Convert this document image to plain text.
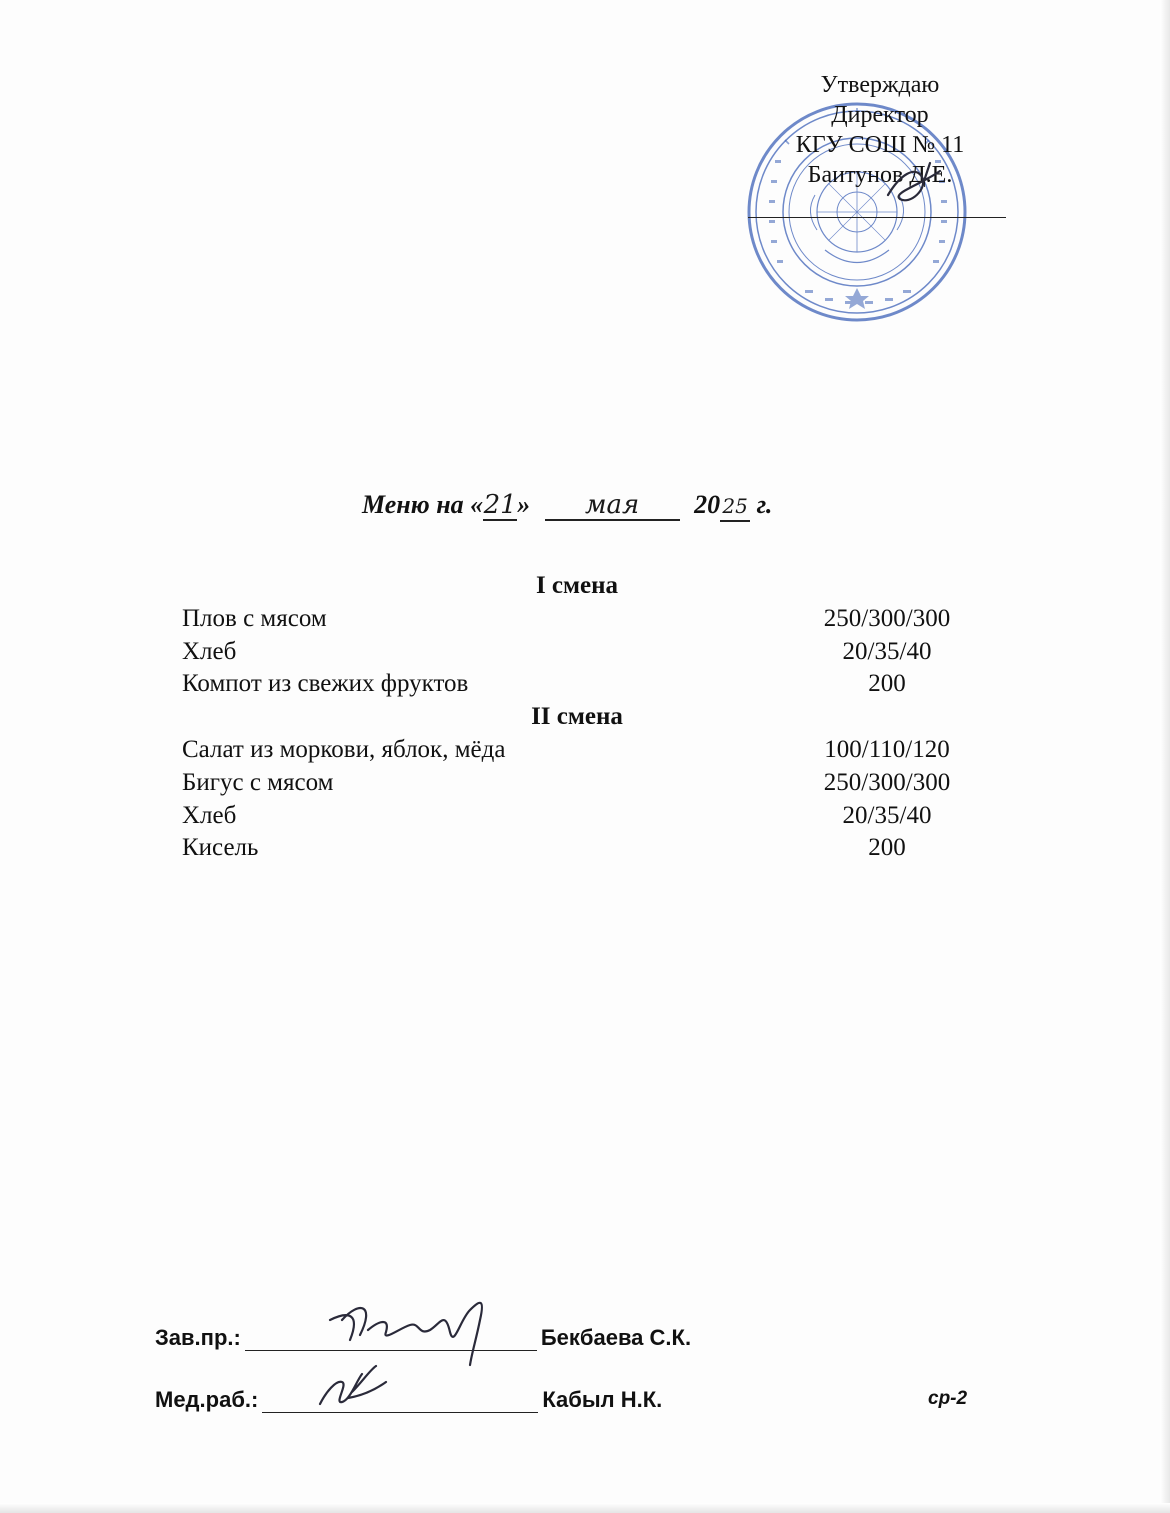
Утверждаю
Директор
КГУ СОШ № 11
Баитунов Д.Е.
Меню на «21» мая 20 25 г.
I смена
Плов с мясом	250/300/300
Хлеб	20/35/40
Компот из свежих фруктов	200
II смена
Салат из моркови, яблок, мёда	100/110/120
Бигус с мясом	250/300/300
Хлеб	20/35/40
Кисель	200
Зав.пр.:	Бекбаева С.К.
Мед.раб.:	Кабыл Н.К.	ср-2
